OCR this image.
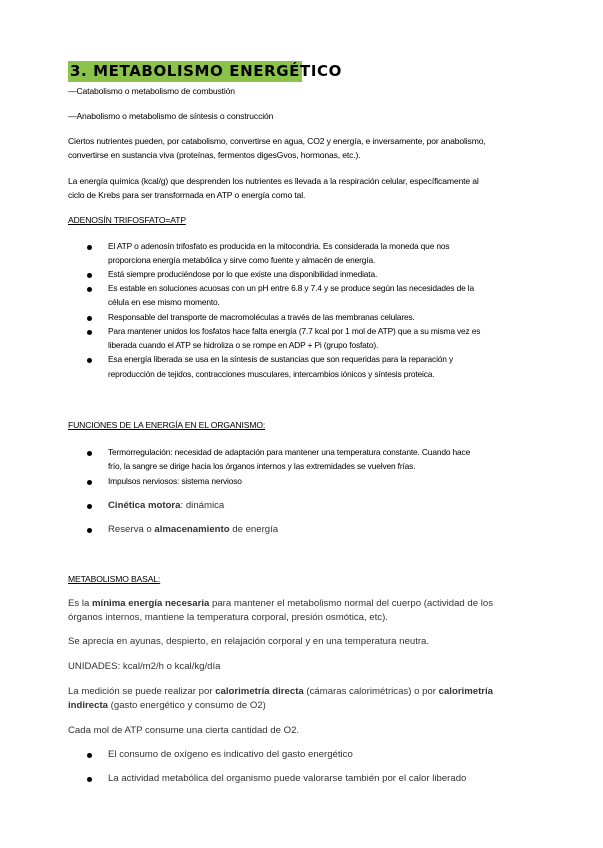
3. METABOLISMO ENERGÉTICO
—Catabolismo o metabolismo de combustión
—Anabolismo o metabolismo de síntesis o construcción
Ciertos nutrientes pueden, por catabolismo, convertirse en agua, CO2 y energía, e inversamente, por anabolismo,
convertirse en sustancia viva (proteínas, fermentos digesGvos, hormonas, etc.).
La energía química (kcal/g) que desprenden los nutrientes es llevada a la respiración celular, específicamente al
ciclo de Krebs para ser transformada en ATP o energía como tal.
ADENOSÍN TRIFOSFATO=ATP
El ATP o adenosín trifosfato es producida en la mitocondria. Es considerada la moneda que nos
proporciona energía metabólica y sirve como fuente y almacén de energía.
Está siempre produciéndose por lo que existe una disponibilidad inmediata.
Es estable en soluciones acuosas con un pH entre 6.8 y 7.4 y se produce según las necesidades de la
célula en ese mismo momento.
Responsable del transporte de macromoléculas a través de las membranas celulares.
Para mantener unidos los fosfatos hace falta energía (7.7 kcal por 1 mol de ATP) que a su misma vez es
liberada cuando el ATP se hidroliza o se rompe en ADP + Pi (grupo fosfato).
Esa energía liberada se usa en la síntesis de sustancias que son requeridas para la reparación y
reproducción de tejidos, contracciones musculares, intercambios iónicos y síntesis proteica.
FUNCIONES DE LA ENERGÍA EN EL ORGANISMO:
Termorregulación: necesidad de adaptación para mantener una temperatura constante. Cuando hace
frío, la sangre se dirige hacia los órganos internos y las extremidades se vuelven frías.
Impulsos nerviosos: sistema nervioso
Cinética motora: dinámica
Reserva o almacenamiento de energía
METABOLISMO BASAL:
Es la mínima energía necesaria para mantener el metabolismo normal del cuerpo (actividad de los
órganos internos, mantiene la temperatura corporal, presión osmótica, etc).
Se aprecia en ayunas, despierto, en relajación corporal y en una temperatura neutra.
UNIDADES: kcal/m2/h o kcal/kg/día
La medición se puede realizar por calorimetría directa (cámaras calorimétricas) o por calorimetría
indirecta (gasto energético y consumo de O2)
Cada mol de ATP consume una cierta cantidad de O2.
El consumo de oxígeno es indicativo del gasto energético
La actividad metabólica del organismo puede valorarse también por el calor liberado
